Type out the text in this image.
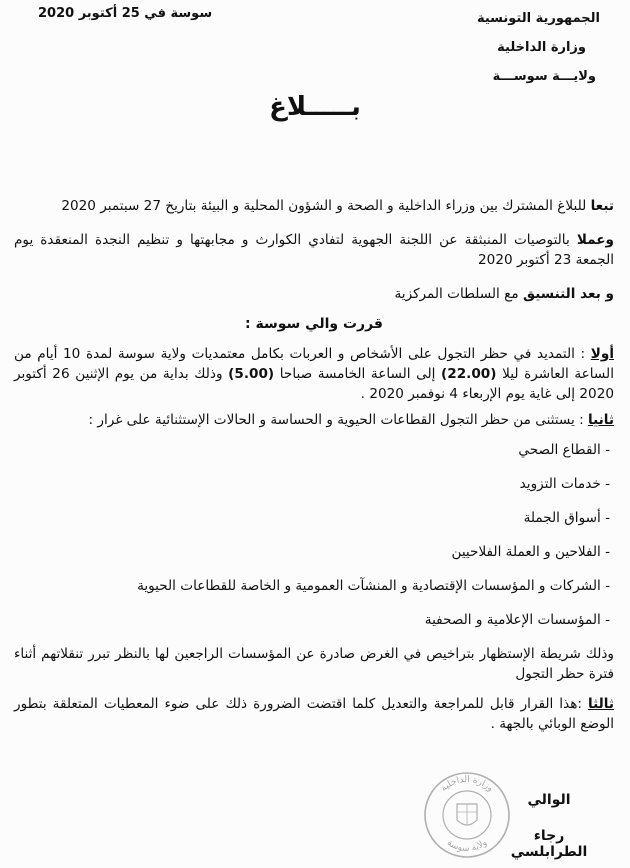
الجمهورية التونسية
وزارة الداخلية
ولايـــة سوســـة
سوسة في 25 أكتوبر 2020
بـــــلاغ

تبعا للبلاغ المشترك بين وزراء الداخلية و الصحة و الشؤون المحلية و البيئة بتاريخ 27 سبتمبر 2020

وعملا بالتوصيات المنبثقة عن اللجنة الجهوية لتفادي الكوارث و مجابهتها و تنظيم النجدة المنعقدة يوم الجمعة 23 أكتوبر 2020

و بعد التنسيق مع السلطات المركزية

قررت والي سوسة :

أولا : التمديد في حظر التجول على الأشخاص و العربات بكامل معتمديات ولاية سوسة لمدة 10 أيام من الساعة العاشرة ليلا (22.00) إلى الساعة الخامسة صباحا (5.00) وذلك بداية من يوم الإثنين 26 أكتوبر 2020 إلى غاية يوم الإربعاء 4 نوفمبر 2020 .

ثانيا : يستثنى من حظر التجول القطاعات الحيوية و الحساسة و الحالات الإستثنائية على غرار :

- القطاع الصحي
- خدمات التزويد
- أسواق الجملة
- الفلاحين و العملة الفلاحيين
- الشركات و المؤسسات الإقتصادية و المنشآت العمومية و الخاصة للقطاعات الحيوية
- المؤسسات الإعلامية و الصحفية

وذلك شريطة الإستظهار بتراخيص في الغرض صادرة عن المؤسسات الراجعين لها بالنظر تبرر تنقلاتهم أثناء فترة حظر التجول

ثالثا :هذا القرار قابل للمراجعة والتعديل كلما اقتضت الضرورة ذلك على ضوء المعطيات المتعلقة بتطور الوضع الوبائي بالجهة .

وزارة الداخلية
ولاية سوسة
الوالي
رجاء الطرابلسي
